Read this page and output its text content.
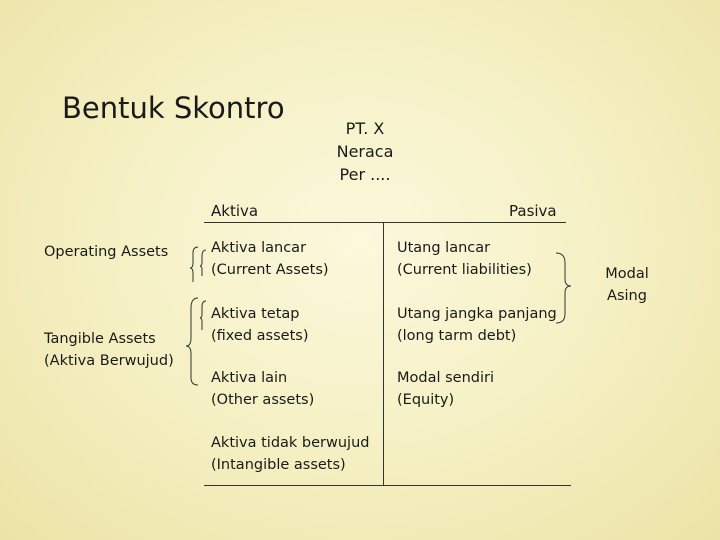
Bentuk Skontro
PT. X
Neraca
Per ....
Aktiva	Pasiva
Aktiva lancar
(Current Assets)
Aktiva tetap
(fixed assets)
Aktiva lain
(Other assets)
Aktiva tidak berwujud
(Intangible assets)
Utang lancar
(Current liabilities)
Utang jangka panjang
(long tarm debt)
Modal sendiri
(Equity)
Operating Assets
Tangible Assets
(Aktiva Berwujud)
Modal
Asing
